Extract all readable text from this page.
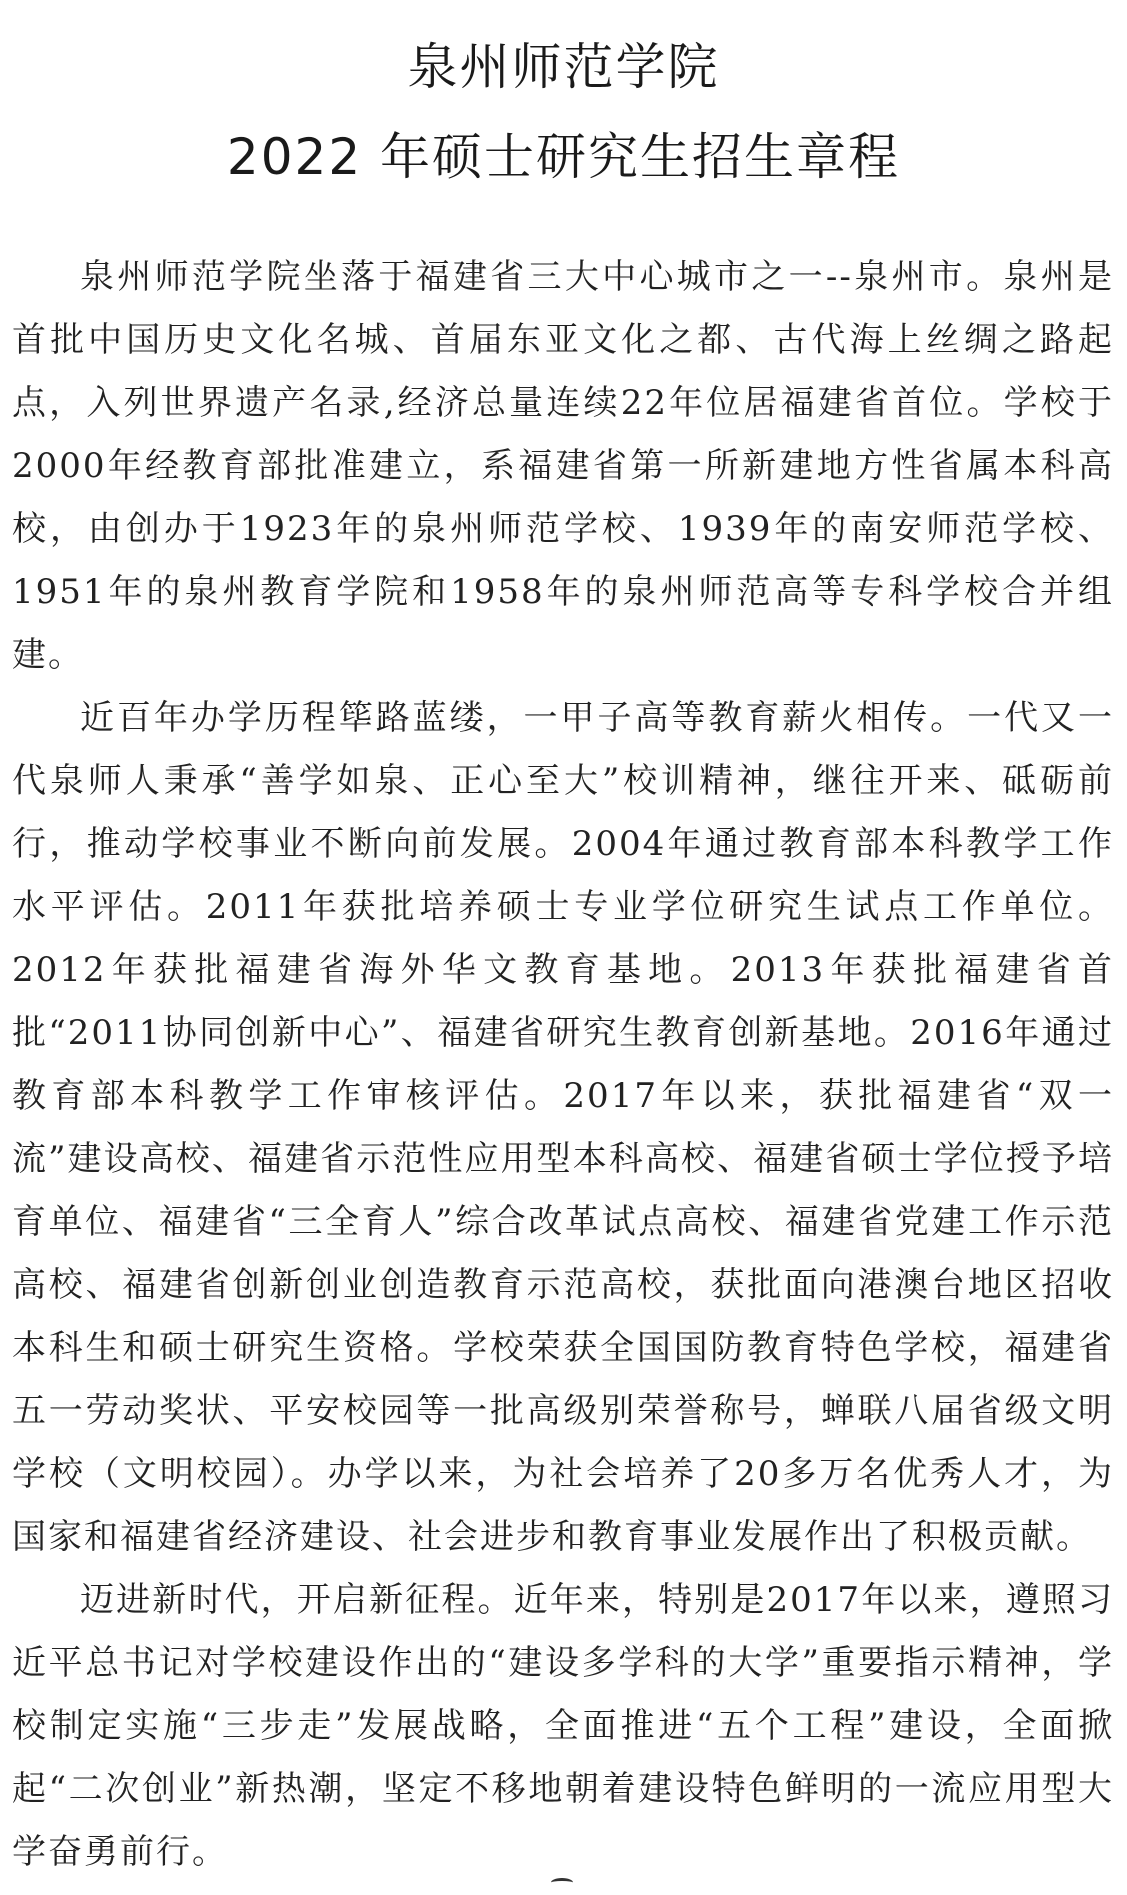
泉州师范学院
2022 年硕士研究生招生章程

泉州师范学院坐落于福建省三大中心城市之一--泉州市。泉州是首批中国历史文化名城、首届东亚文化之都、古代海上丝绸之路起点，入列世界遗产名录,经济总量连续22年位居福建省首位。学校于2000年经教育部批准建立，系福建省第一所新建地方性省属本科高校，由创办于1923年的泉州师范学校、1939年的南安师范学校、1951年的泉州教育学院和1958年的泉州师范高等专科学校合并组建。

近百年办学历程筚路蓝缕，一甲子高等教育薪火相传。一代又一代泉师人秉承“善学如泉、正心至大”校训精神，继往开来、砥砺前行，推动学校事业不断向前发展。2004年通过教育部本科教学工作水平评估。2011年获批培养硕士专业学位研究生试点工作单位。2012年获批福建省海外华文教育基地。2013年获批福建省首批“2011协同创新中心”、福建省研究生教育创新基地。2016年通过教育部本科教学工作审核评估。2017年以来，获批福建省“双一流”建设高校、福建省示范性应用型本科高校、福建省硕士学位授予培育单位、福建省“三全育人”综合改革试点高校、福建省党建工作示范高校、福建省创新创业创造教育示范高校，获批面向港澳台地区招收本科生和硕士研究生资格。学校荣获全国国防教育特色学校，福建省五一劳动奖状、平安校园等一批高级别荣誉称号，蝉联八届省级文明学校（文明校园）。办学以来，为社会培养了20多万名优秀人才，为国家和福建省经济建设、社会进步和教育事业发展作出了积极贡献。

迈进新时代，开启新征程。近年来，特别是2017年以来，遵照习近平总书记对学校建设作出的“建设多学科的大学”重要指示精神，学校制定实施“三步走”发展战略，全面推进“五个工程”建设，全面掀起“二次创业”新热潮，坚定不移地朝着建设特色鲜明的一流应用型大学奋勇前行。
